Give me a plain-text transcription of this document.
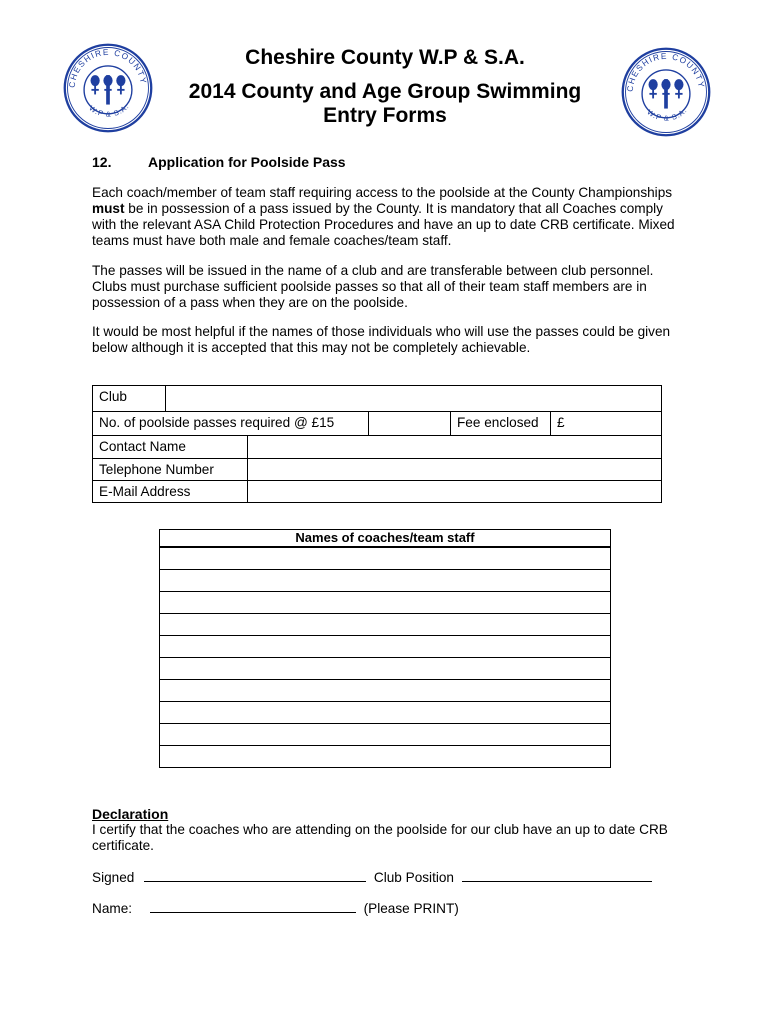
CHESHIRE COUNTY
W.P & S.A.
CHESHIRE COUNTY
W.P & S.A.
Cheshire County W.P & S.A.
2014 County and Age Group Swimming
Entry Forms
12.	Application for Poolside Pass
Each coach/member of team staff requiring access to the poolside at the County Championships must be in possession of a pass issued by the County. It is mandatory that all Coaches comply with the relevant ASA Child Protection Procedures and have an up to date CRB certificate. Mixed teams must have both male and female coaches/team staff.
The passes will be issued in the name of a club and are transferable between club personnel. Clubs must purchase sufficient poolside passes so that all of their team staff members are in possession of a pass when they are on the poolside.
It would be most helpful if the names of those individuals who will use the passes could be given below although it is accepted that this may not be completely achievable.
Club
No. of poolside passes required @ £15	Fee enclosed	£
Contact Name
Telephone Number
E-Mail Address
Names of coaches/team staff
Declaration
I certify that the coaches who are attending on the poolside for our club have an up to date CRB certificate.
Signed	Club Position
Name:	(Please PRINT)
